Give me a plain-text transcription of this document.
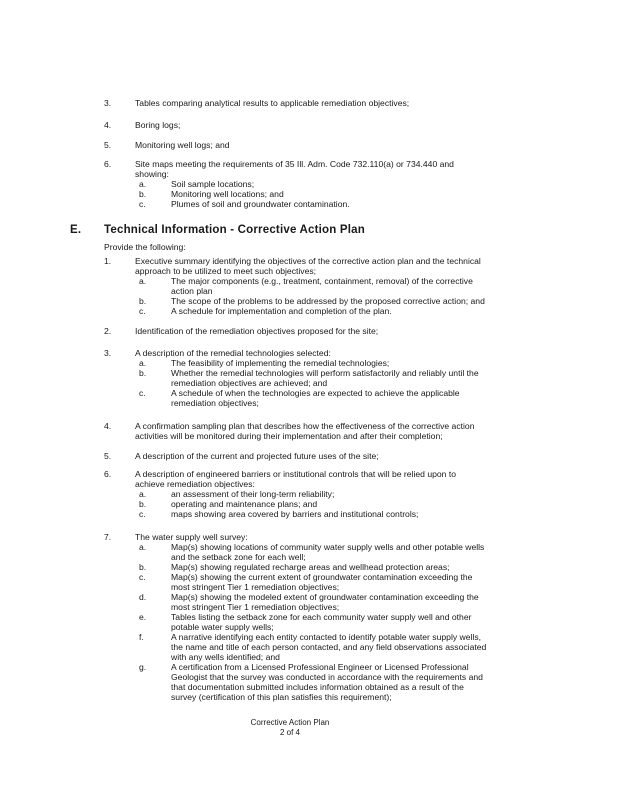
3.	Tables comparing analytical results to applicable remediation objectives;
4.	Boring logs;
5.	Monitoring well logs; and
6.	Site maps meeting the requirements of 35 Ill. Adm. Code 732.110(a) or 734.440 and
showing:
a.	Soil sample locations;
b.	Monitoring well locations; and
c.	Plumes of soil and groundwater contamination.
E. Technical Information - Corrective Action Plan
Provide the following:
1.	Executive summary identifying the objectives of the corrective action plan and the technical
approach to be utilized to meet such objectives;
a.	The major components (e.g., treatment, containment, removal) of the corrective
action plan
b.	The scope of the problems to be addressed by the proposed corrective action; and
c.	A schedule for implementation and completion of the plan.
2.	Identification of the remediation objectives proposed for the site;
3.	A description of the remedial technologies selected:
a.	The feasibility of implementing the remedial technologies;
b.	Whether the remedial technologies will perform satisfactorily and reliably until the
remediation objectives are achieved; and
c.	A schedule of when the technologies are expected to achieve the applicable
remediation objectives;
4.	A confirmation sampling plan that describes how the effectiveness of the corrective action
activities will be monitored during their implementation and after their completion;
5.	A description of the current and projected future uses of the site;
6.	A description of engineered barriers or institutional controls that will be relied upon to
achieve remediation objectives:
a.	an assessment of their long-term reliability;
b.	operating and maintenance plans; and
c.	maps showing area covered by barriers and institutional controls;
7.	The water supply well survey:
a.	Map(s) showing locations of community water supply wells and other potable wells
and the setback zone for each well;
b.	Map(s) showing regulated recharge areas and wellhead protection areas;
c.	Map(s) showing the current extent of groundwater contamination exceeding the
most stringent Tier 1 remediation objectives;
d.	Map(s) showing the modeled extent of groundwater contamination exceeding the
most stringent Tier 1 remediation objectives;
e.	Tables listing the setback zone for each community water supply well and other
potable water supply wells;
f.	A narrative identifying each entity contacted to identify potable water supply wells,
the name and title of each person contacted, and any field observations associated
with any wells identified; and
g.	A certification from a Licensed Professional Engineer or Licensed Professional
Geologist that the survey was conducted in accordance with the requirements and
that documentation submitted includes information obtained as a result of the
survey (certification of this plan satisfies this requirement);
Corrective Action Plan
2 of 4
